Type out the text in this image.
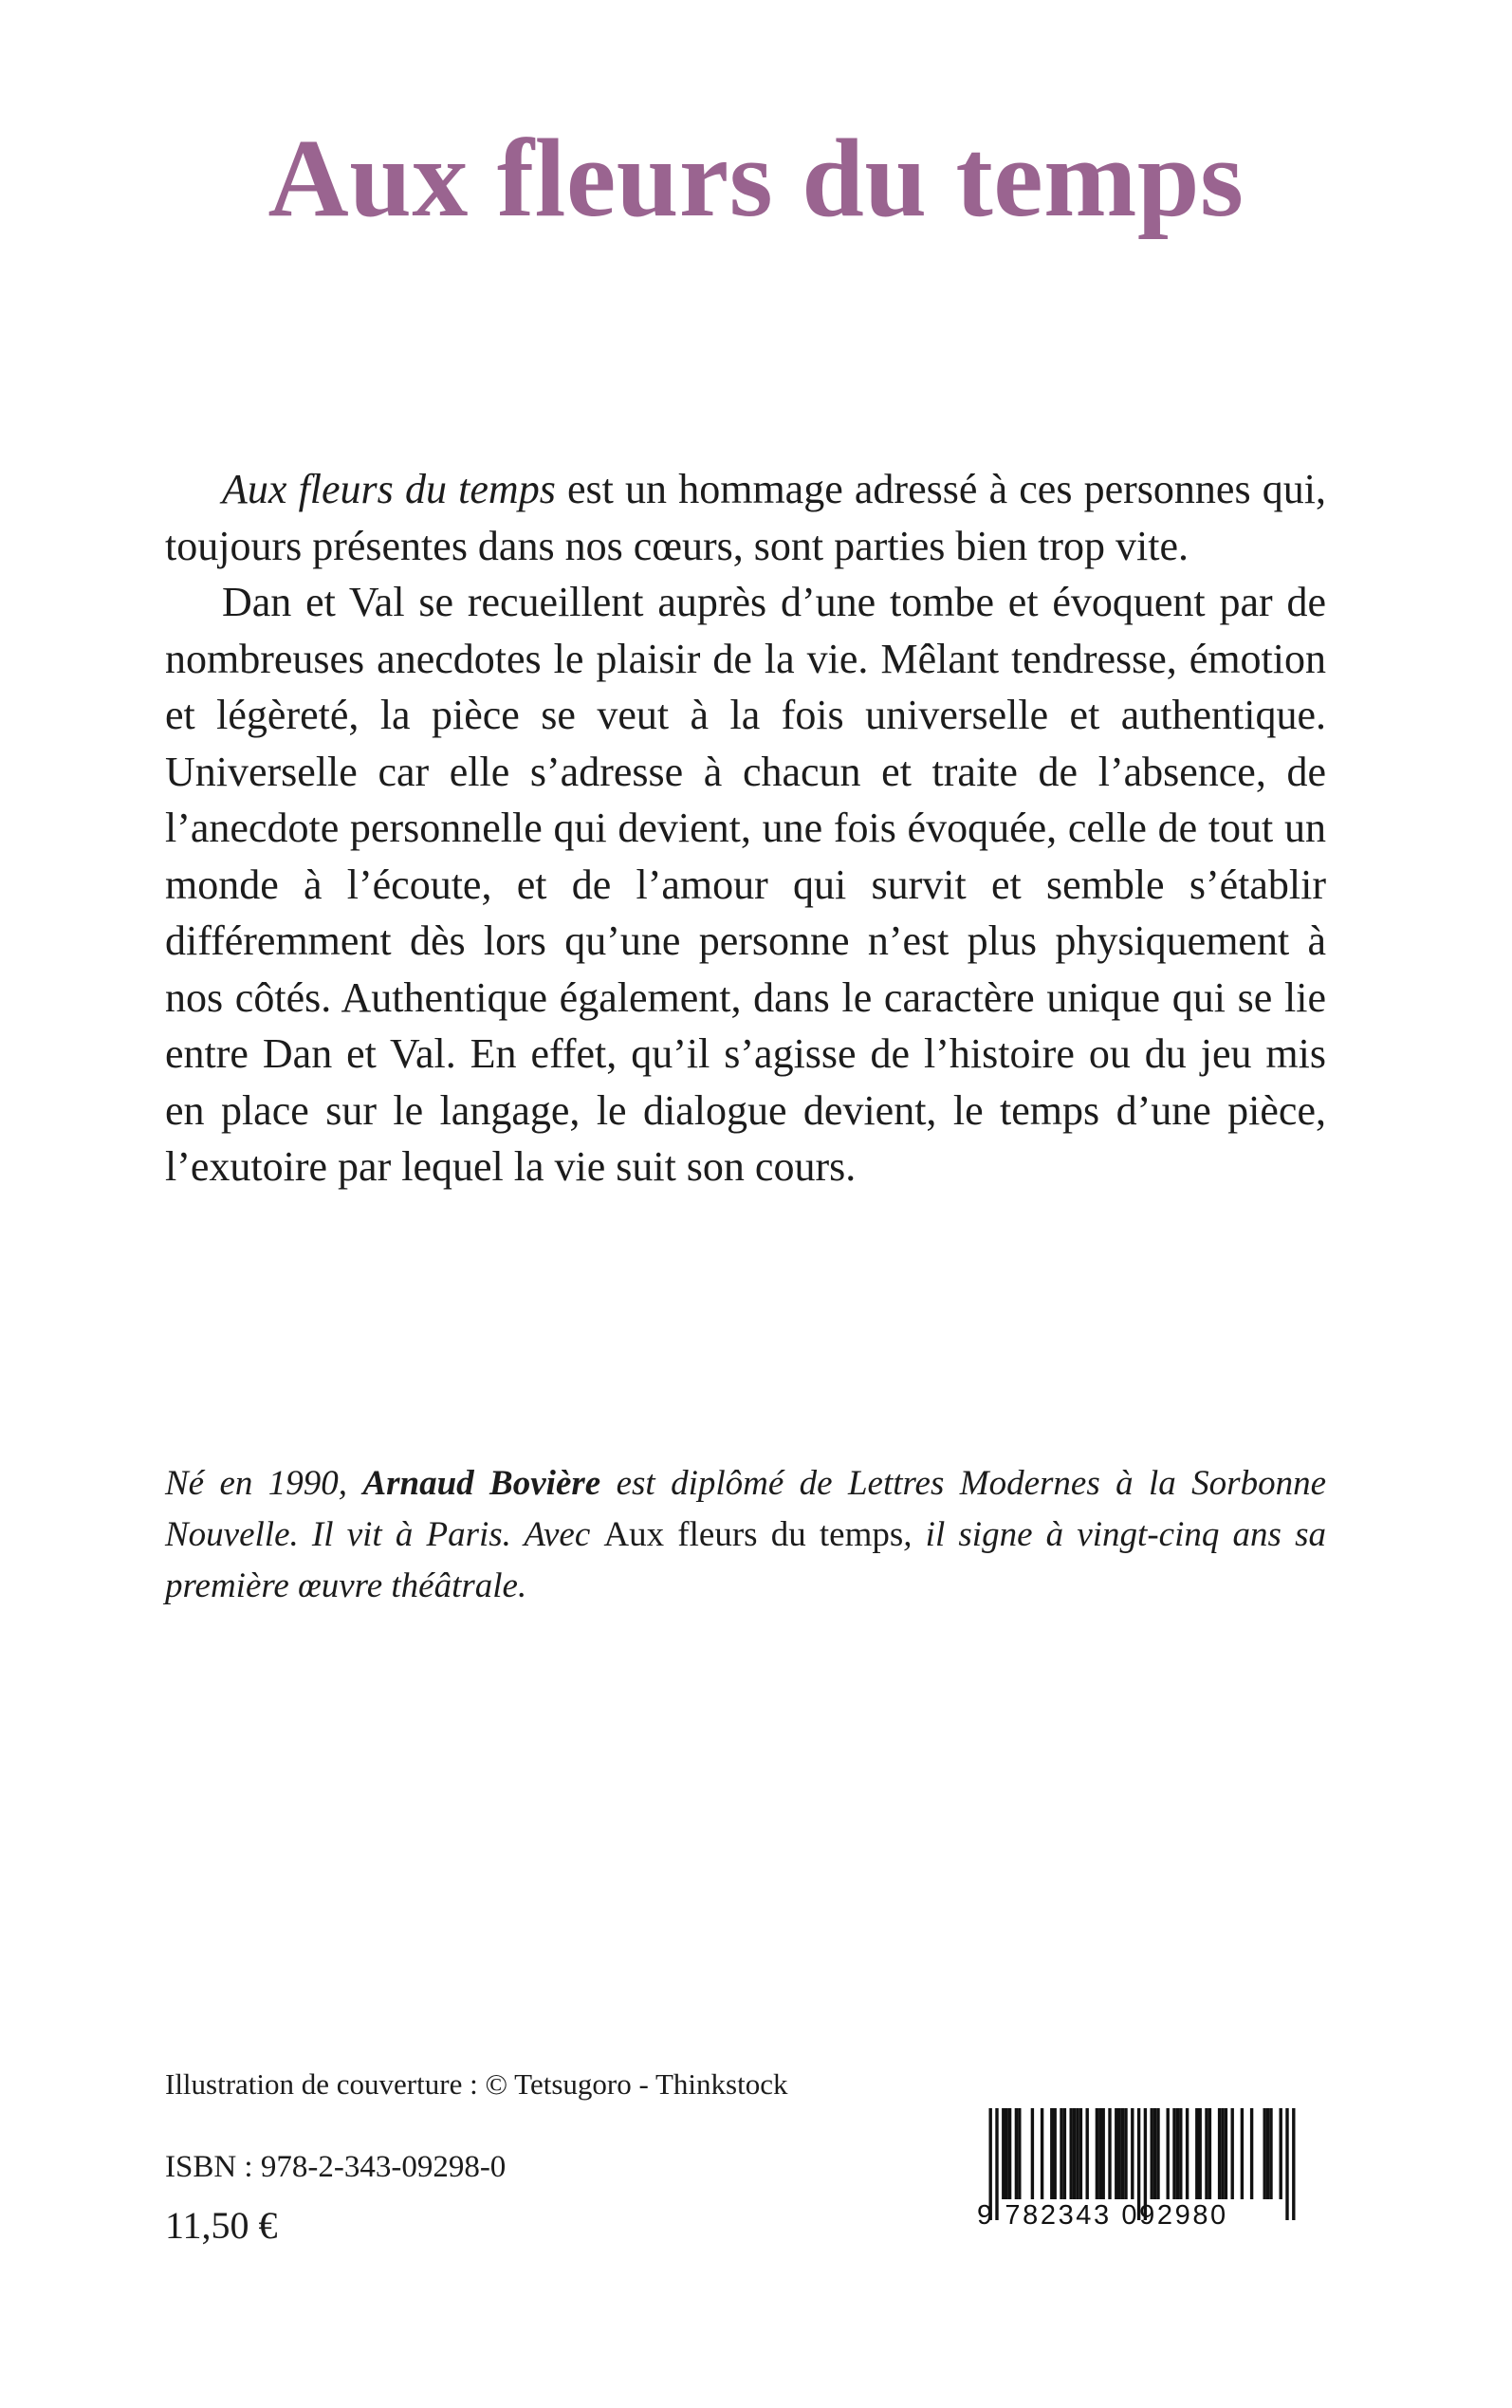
Aux fleurs du temps

Aux fleurs du temps est un hommage adressé à ces personnes qui, toujours présentes dans nos cœurs, sont parties bien trop vite.

Dan et Val se recueillent auprès d’une tombe et évoquent par de nombreuses anecdotes le plaisir de la vie. Mêlant tendresse, émotion et légèreté, la pièce se veut à la fois universelle et authentique. Universelle car elle s’adresse à chacun et traite de l’absence, de l’anecdote personnelle qui devient, une fois évoquée, celle de tout un monde à l’écoute, et de l’amour qui survit et semble s’établir différemment dès lors qu’une personne n’est plus physiquement à nos côtés. Authentique également, dans le caractère unique qui se lie entre Dan et Val. En effet, qu’il s’agisse de l’histoire ou du jeu mis en place sur le langage, le dialogue devient, le temps d’une pièce, l’exutoire par lequel la vie suit son cours.

Né en 1990, Arnaud Bovière est diplômé de Lettres Modernes à la Sorbonne Nouvelle. Il vit à Paris. Avec Aux fleurs du temps, il signe à vingt-cinq ans sa première œuvre théâtrale.
Illustration de couverture : © Tetsugoro - Thinkstock
ISBN : 978-2-343-09298-0
11,50 €	9 782343 092980
